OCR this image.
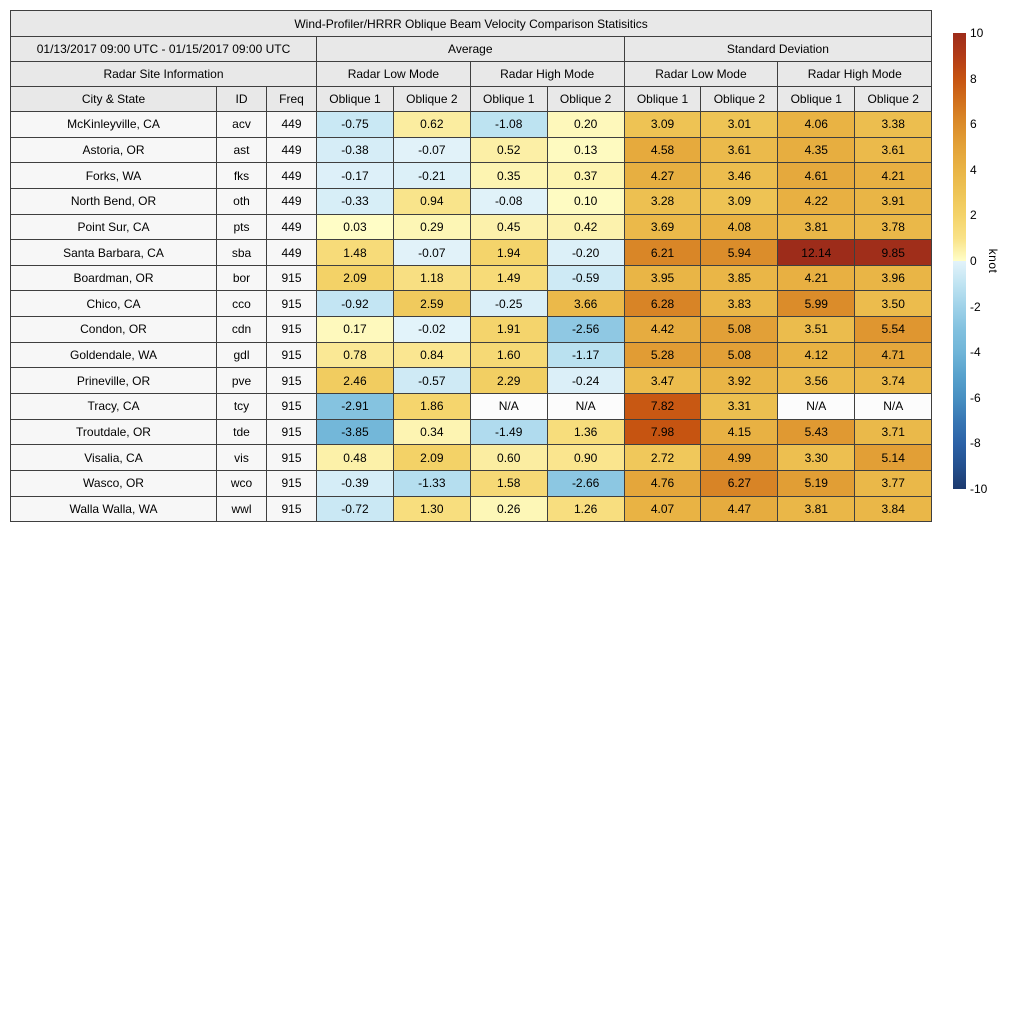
Wind-Profiler/HRRR Oblique Beam Velocity Comparison Statisitics										
01/13/2017 09:00 UTC - 01/15/2017 09:00 UTC			Average				Standard Deviation			
Radar Site Information			Radar Low Mode		Radar High Mode		Radar Low Mode		Radar High Mode	
City & State	ID	Freq	Oblique 1	Oblique 2	Oblique 1	Oblique 2	Oblique 1	Oblique 2	Oblique 1	Oblique 2
McKinleyville, CA	acv	449	-0.75	0.62	-1.08	0.20	3.09	3.01	4.06	3.38
Astoria, OR	ast	449	-0.38	-0.07	0.52	0.13	4.58	3.61	4.35	3.61
Forks, WA	fks	449	-0.17	-0.21	0.35	0.37	4.27	3.46	4.61	4.21
North Bend, OR	oth	449	-0.33	0.94	-0.08	0.10	3.28	3.09	4.22	3.91
Point Sur, CA	pts	449	0.03	0.29	0.45	0.42	3.69	4.08	3.81	3.78
Santa Barbara, CA	sba	449	1.48	-0.07	1.94	-0.20	6.21	5.94	12.14	9.85
Boardman, OR	bor	915	2.09	1.18	1.49	-0.59	3.95	3.85	4.21	3.96
Chico, CA	cco	915	-0.92	2.59	-0.25	3.66	6.28	3.83	5.99	3.50
Condon, OR	cdn	915	0.17	-0.02	1.91	-2.56	4.42	5.08	3.51	5.54
Goldendale, WA	gdl	915	0.78	0.84	1.60	-1.17	5.28	5.08	4.12	4.71
Prineville, OR	pve	915	2.46	-0.57	2.29	-0.24	3.47	3.92	3.56	3.74
Tracy, CA	tcy	915	-2.91	1.86	N/A	N/A	7.82	3.31	N/A	N/A
Troutdale, OR	tde	915	-3.85	0.34	-1.49	1.36	7.98	4.15	5.43	3.71
Visalia, CA	vis	915	0.48	2.09	0.60	0.90	2.72	4.99	3.30	5.14
Wasco, OR	wco	915	-0.39	-1.33	1.58	-2.66	4.76	6.27	5.19	3.77
Walla Walla, WA	wwl	915	-0.72	1.30	0.26	1.26	4.07	4.47	3.81	3.84
10
8
6
4
2
0
-2
-4
-6
-8
-10
knot
